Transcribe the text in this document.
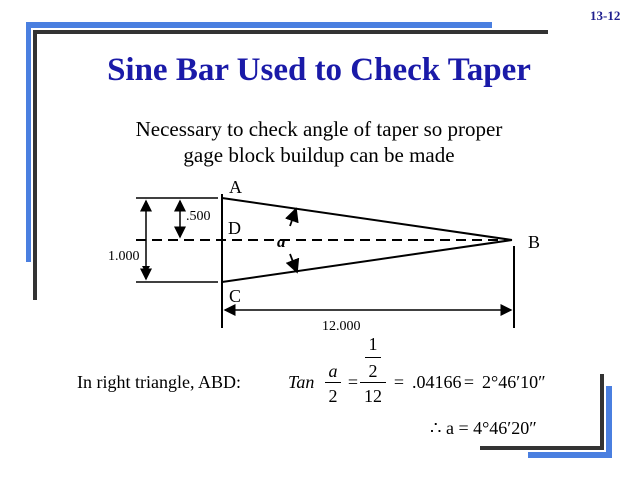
13-12
Sine Bar Used to Check Taper
Necessary to check angle of taper so proper
gage block buildup can be made
A
D
C
B
a
.500
1.000
12.000
In right triangle, ABD:	Tan
a
2
=
1
2
12
= .04166 = 2°46′10″
∴ a = 4°46′20″
